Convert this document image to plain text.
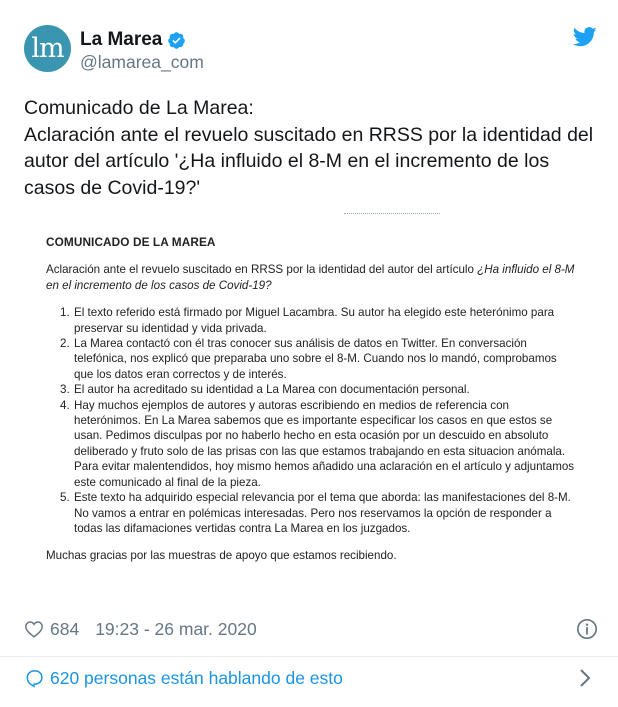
lm La Marea
@lamarea_com

Comunicado de La Marea:

Aclaración ante el revuelo suscitado en RRSS por la identidad del autor del artículo '¿Ha influido el 8-M en el incremento de los casos de Covid-19?'

COMUNICADO DE LA MAREA
Aclaración ante el revuelo suscitado en RRSS por la identidad del autor del artículo ¿Ha influido el 8-M en el incremento de los casos de Covid-19?
1. El texto referido está firmado por Miguel Lacambra. Su autor ha elegido este heterónimo para preservar su identidad y vida privada.
2. La Marea contactó con él tras conocer sus análisis de datos en Twitter. En conversación telefónica, nos explicó que preparaba uno sobre el 8-M. Cuando nos lo mandó, comprobamos que los datos eran correctos y de interés.
3. El autor ha acreditado su identidad a La Marea con documentación personal.
4. Hay muchos ejemplos de autores y autoras escribiendo en medios de referencia con heterónimos. En La Marea sabemos que es importante especificar los casos en que estos se usan. Pedimos disculpas por no haberlo hecho en esta ocasión por un descuido en absoluto deliberado y fruto solo de las prisas con las que estamos trabajando en esta situacion anómala. Para evitar malentendidos, hoy mismo hemos añadido una aclaración en el artículo y adjuntamos este comunicado al final de la pieza.
5. Este texto ha adquirido especial relevancia por el tema que aborda: las manifestaciones del 8-M. No vamos a entrar en polémicas interesadas. Pero nos reservamos la opción de responder a todas las difamaciones vertidas contra La Marea en los juzgados.
Muchas gracias por las muestras de apoyo que estamos recibiendo.
684 19:23 - 26 mar. 2020
620 personas están hablando de esto
